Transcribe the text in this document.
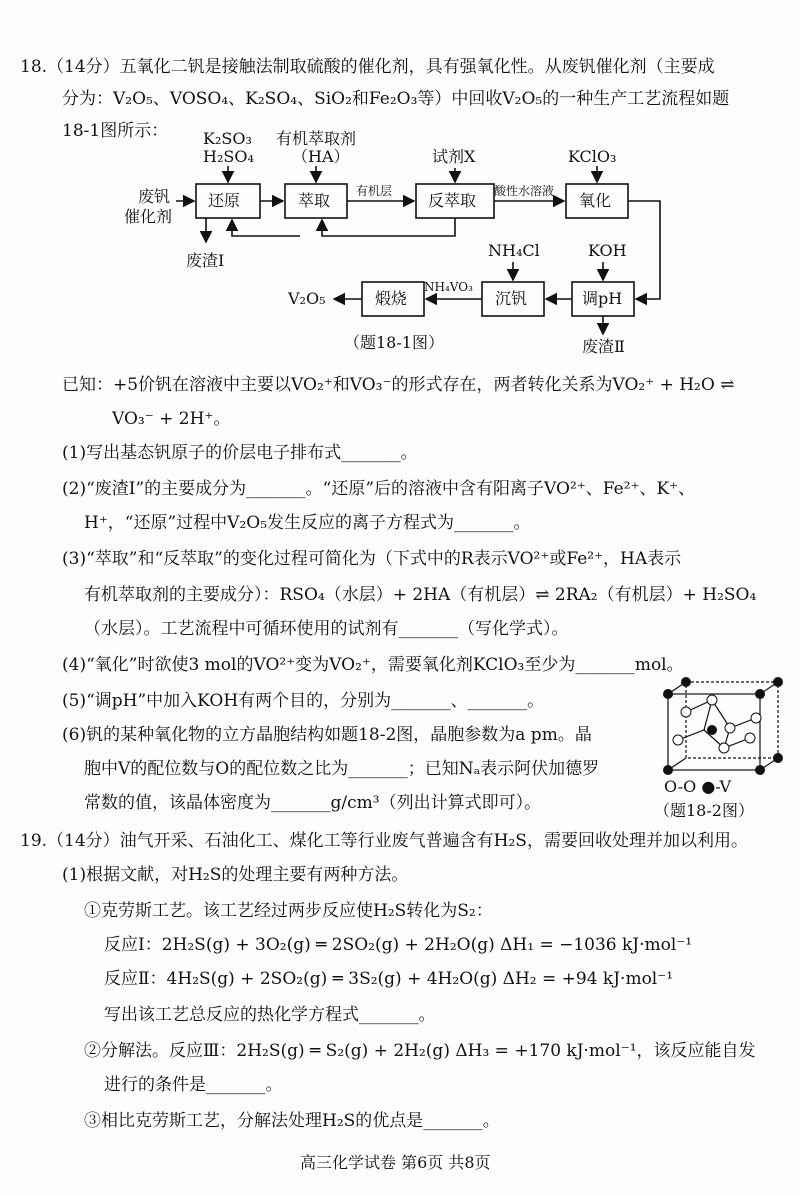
18.（14分）五氧化二钒是接触法制取硫酸的催化剂，具有强氧化性。从废钒催化剂（主要成
分为：V₂O₅、VOSO₄、K₂SO₄、SiO₂和Fe₂O₃等）中回收V₂O₅的一种生产工艺流程如题
18-1图所示：
废钒
催化剂
K₂SO₃
H₂SO₄
有机萃取剂
（HA）	试剂X	KClO₃
还原	萃取	反萃取	氧化
有机层	酸性水溶液
废渣Ⅰ
NH₄Cl	KOH
煅烧	沉钒	调pH
NH₄VO₃
V₂O₅
废渣Ⅱ
（题18-1图）
已知：+5价钒在溶液中主要以VO₂⁺和VO₃⁻的形式存在，两者转化关系为VO₂⁺ + H₂O ⇌
VO₃⁻ + 2H⁺。
(1)写出基态钒原子的价层电子排布式_______。
(2)“废渣Ⅰ”的主要成分为_______。“还原”后的溶液中含有阳离子VO²⁺、Fe²⁺、K⁺、
H⁺，“还原”过程中V₂O₅发生反应的离子方程式为_______。
(3)“萃取”和“反萃取”的变化过程可简化为（下式中的R表示VO²⁺或Fe²⁺，HA表示
有机萃取剂的主要成分）：RSO₄（水层）+ 2HA（有机层）⇌ 2RA₂（有机层）+ H₂SO₄
（水层）。工艺流程中可循环使用的试剂有_______（写化学式）。
(4)“氧化”时欲使3 mol的VO²⁺变为VO₂⁺，需要氧化剂KClO₃至少为_______mol。
(5)“调pH”中加入KOH有两个目的，分别为_______、_______。
(6)钒的某种氧化物的立方晶胞结构如题18-2图，晶胞参数为a pm。晶
胞中V的配位数与O的配位数之比为_______；已知Nₐ表示阿伏加德罗
常数的值，该晶体密度为_______g/cm³（列出计算式即可）。
O-O ●-V
（题18-2图）
19.（14分）油气开采、石油化工、煤化工等行业废气普遍含有H₂S，需要回收处理并加以利用。
(1)根据文献，对H₂S的处理主要有两种方法。
①克劳斯工艺。该工艺经过两步反应使H₂S转化为S₂：
反应Ⅰ：2H₂S(g) + 3O₂(g) ═ 2SO₂(g) + 2H₂O(g) ΔH₁ = −1036 kJ·mol⁻¹
反应Ⅱ：4H₂S(g) + 2SO₂(g) ═ 3S₂(g) + 4H₂O(g) ΔH₂ = +94 kJ·mol⁻¹
写出该工艺总反应的热化学方程式_______。
②分解法。反应Ⅲ：2H₂S(g) ═ S₂(g) + 2H₂(g) ΔH₃ = +170 kJ·mol⁻¹，该反应能自发
进行的条件是_______。
③相比克劳斯工艺，分解法处理H₂S的优点是_______。
高三化学试卷 第6页 共8页
